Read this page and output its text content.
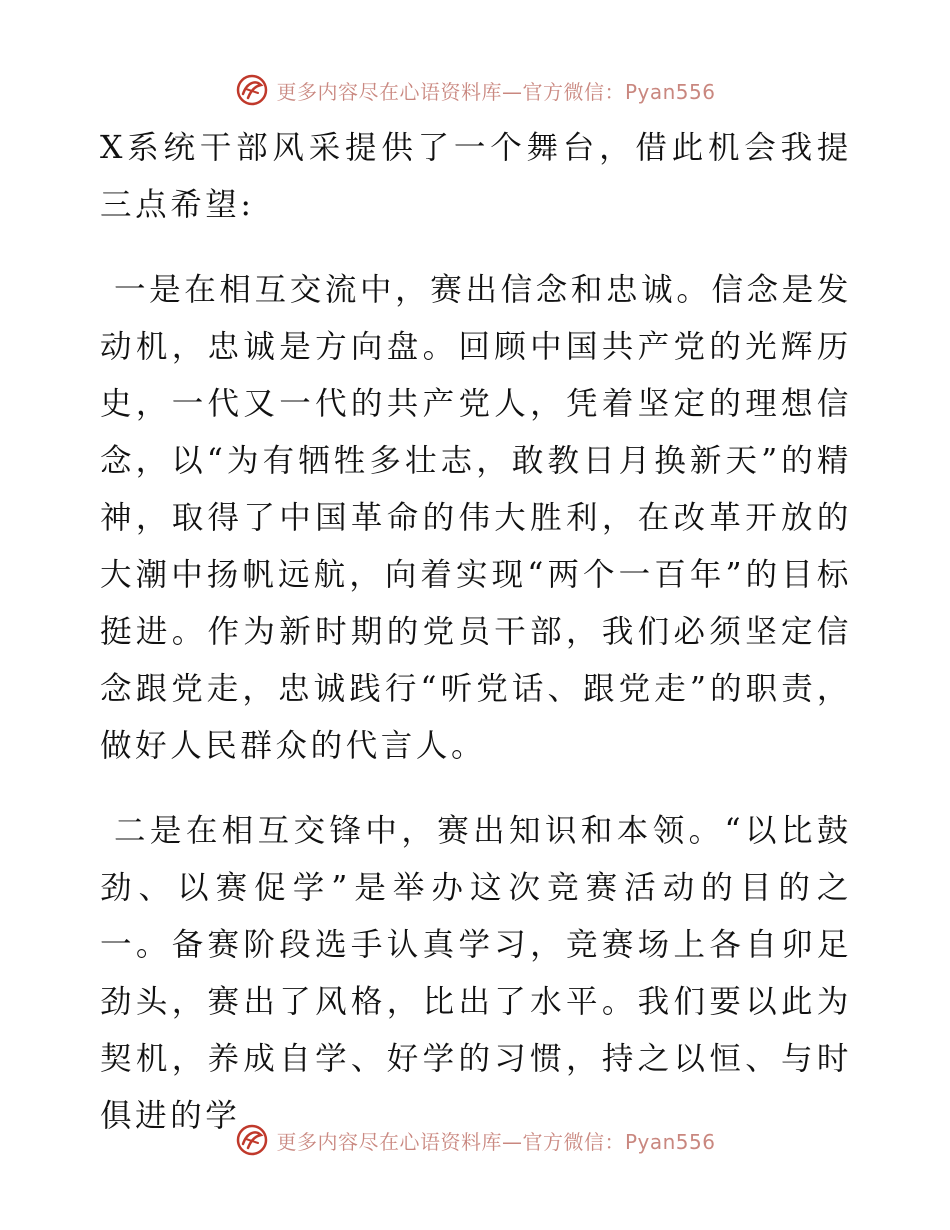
更多内容尽在心语资料库—官方微信：Pyan556

X系统干部风采提供了一个舞台，借此机会我提三点希望:

一是在相互交流中，赛出信念和忠诚。信念是发动机，忠诚是方向盘。回顾中国共产党的光辉历史，一代又一代的共产党人，凭着坚定的理想信念，以“为有牺牲多壮志，敢教日月换新天”的精神，取得了中国革命的伟大胜利，在改革开放的大潮中扬帆远航，向着实现“两个一百年”的目标挺进。作为新时期的党员干部，我们必须坚定信念跟党走，忠诚践行“听党话、跟党走”的职责，做好人民群众的代言人。

二是在相互交锋中，赛出知识和本领。“以比鼓劲、以赛促学”是举办这次竞赛活动的目的之一。备赛阶段选手认真学习，竞赛场上各自卯足劲头，赛出了风格，比出了水平。我们要以此为契机，养成自学、好学的习惯，持之以恒、与时俱进的学

更多内容尽在心语资料库—官方微信：Pyan556
